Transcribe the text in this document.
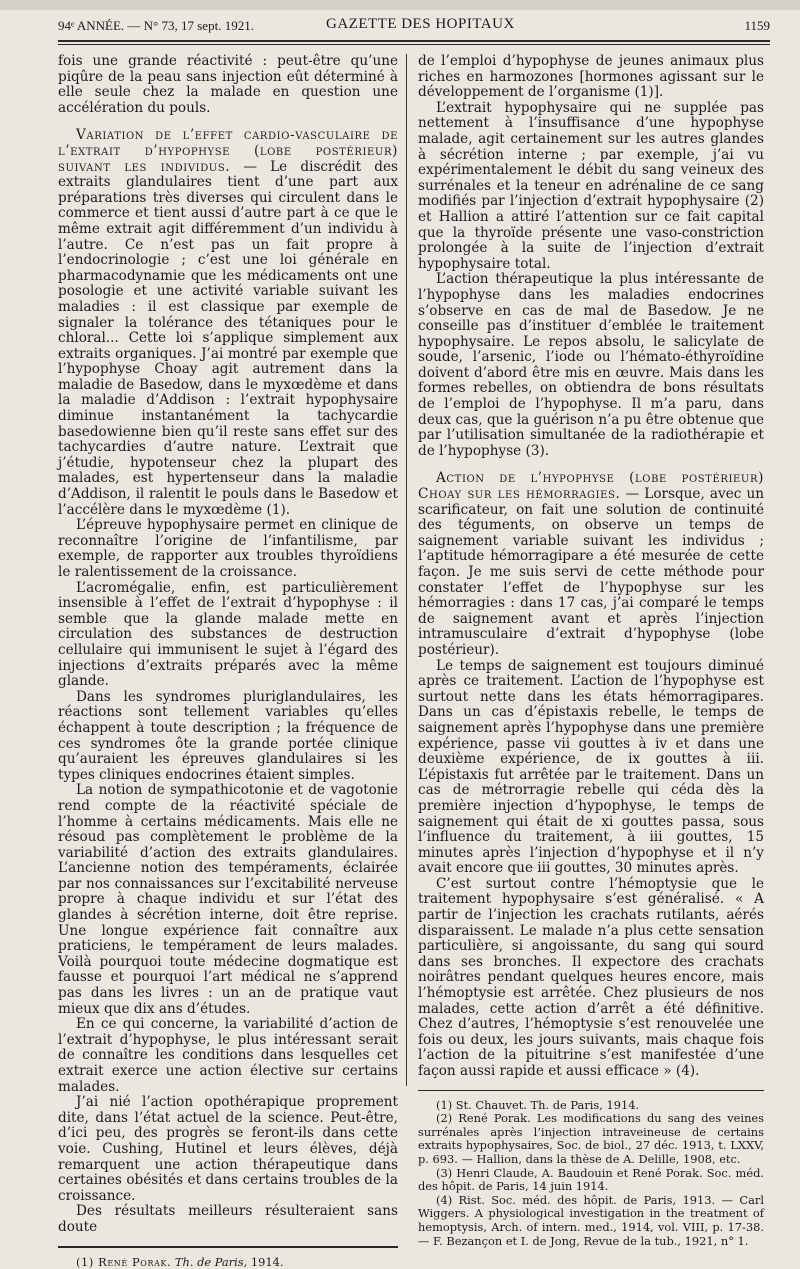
94ᵉ ANNÉE. — N° 73, 17 sept. 1921.	GAZETTE DES HOPITAUX	1159

fois une grande réactivité : peut-être qu’une piqûre de la peau sans injection eût déterminé à elle seule chez la malade en question une accélération du pouls.

Variation de l’effet cardio-vasculaire de l’extrait d’hypophyse (lobe postérieur) suivant les individus. — Le discrédit des extraits glandulaires tient d’une part aux préparations très diverses qui circulent dans le commerce et tient aussi d’autre part à ce que le même extrait agit différemment d’un individu à l’autre. Ce n’est pas un fait propre à l’endocrinologie ; c’est une loi générale en pharmacodynamie que les médicaments ont une posologie et une activité variable suivant les maladies : il est classique par exemple de signaler la tolérance des tétaniques pour le chloral... Cette loi s’applique simplement aux extraits organiques. J’ai montré par exemple que l’hypophyse Choay agit autrement dans la maladie de Basedow, dans le myxœdème et dans la maladie d’Addison : l’extrait hypophysaire diminue instantanément la tachycardie basedowienne bien qu’il reste sans effet sur des tachycardies d’autre nature. L’extrait que j’étudie, hypotenseur chez la plupart des malades, est hypertenseur dans la maladie d’Addison, il ralentit le pouls dans le Basedow et l’accélère dans le myxœdème (1).

L’épreuve hypophysaire permet en clinique de reconnaître l’origine de l’infantilisme, par exemple, de rapporter aux troubles thyroïdiens le ralentissement de la croissance.

L’acromégalie, enfin, est particulièrement insensible à l’effet de l’extrait d’hypophyse : il semble que la glande malade mette en circulation des substances de destruction cellulaire qui immunisent le sujet à l’égard des injections d’extraits préparés avec la même glande.

Dans les syndromes pluriglandulaires, les réactions sont tellement variables qu’elles échappent à toute description ; la fréquence de ces syndromes ôte la grande portée clinique qu’auraient les épreuves glandulaires si les types cliniques endocrines étaient simples.

La notion de sympathicotonie et de vagotonie rend compte de la réactivité spéciale de l’homme à certains médicaments. Mais elle ne résoud pas complètement le problème de la variabilité d’action des extraits glandulaires. L’ancienne notion des tempéraments, éclairée par nos connaissances sur l’excitabilité nerveuse propre à chaque individu et sur l’état des glandes à sécrétion interne, doit être reprise. Une longue expérience fait connaître aux praticiens, le tempérament de leurs malades. Voilà pourquoi toute médecine dogmatique est fausse et pourquoi l’art médical ne s’apprend pas dans les livres : un an de pratique vaut mieux que dix ans d’études.

En ce qui concerne, la variabilité d’action de l’extrait d’hypophyse, le plus intéressant serait de connaître les conditions dans lesquelles cet extrait exerce une action élective sur certains malades.

J’ai nié l’action opothérapique proprement dite, dans l’état actuel de la science. Peut-être, d’ici peu, des progrès se feront-ils dans cette voie. Cushing, Hutinel et leurs élèves, déjà remarquent une action thérapeutique dans certaines obésités et dans certains troubles de la croissance.

Des résultats meilleurs résulteraient sans doute

(1) René Porak. Th. de Paris, 1914.

de l’emploi d’hypophyse de jeunes animaux plus riches en harmozones [hormones agissant sur le développement de l’organisme (1)].

L’extrait hypophysaire qui ne supplée pas nettement à l’insuffisance d’une hypophyse malade, agit certainement sur les autres glandes à sécrétion interne ; par exemple, j’ai vu expérimentalement le débit du sang veineux des surrénales et la teneur en adrénaline de ce sang modifiés par l’injection d’extrait hypophysaire (2) et Hallion a attiré l’attention sur ce fait capital que la thyroïde présente une vaso-constriction prolongée à la suite de l’injection d’extrait hypophysaire total.

L’action thérapeutique la plus intéressante de l’hypophyse dans les maladies endocrines s’observe en cas de mal de Basedow. Je ne conseille pas d’instituer d’emblée le traitement hypophysaire. Le repos absolu, le salicylate de soude, l’arsenic, l’iode ou l’hémato-éthyroïdine doivent d’abord être mis en œuvre. Mais dans les formes rebelles, on obtiendra de bons résultats de l’emploi de l’hypophyse. Il m’a paru, dans deux cas, que la guérison n’a pu être obtenue que par l’utilisation simultanée de la radiothérapie et de l’hypophyse (3).

Action de l’hypophyse (lobe postérieur) Choay sur les hémorragies. — Lorsque, avec un scarificateur, on fait une solution de continuité des téguments, on observe un temps de saignement variable suivant les individus ; l’aptitude hémorragipare a été mesurée de cette façon. Je me suis servi de cette méthode pour constater l’effet de l’hypophyse sur les hémorragies : dans 17 cas, j’ai comparé le temps de saignement avant et après l’injection intramusculaire d’extrait d’hypophyse (lobe postérieur).

Le temps de saignement est toujours diminué après ce traitement. L’action de l’hypophyse est surtout nette dans les états hémorragipares. Dans un cas d’épistaxis rebelle, le temps de saignement après l’hypophyse dans une première expérience, passe vii gouttes à iv et dans une deuxième expérience, de ix gouttes à iii. L’épistaxis fut arrêtée par le traitement. Dans un cas de métrorragie rebelle qui céda dès la première injection d’hypophyse, le temps de saignement qui était de xi gouttes passa, sous l’influence du traitement, à iii gouttes, 15 minutes après l’injection d’hypophyse et il n’y avait encore que iii gouttes, 30 minutes après.

C’est surtout contre l’hémoptysie que le traitement hypophysaire s’est généralisé. « A partir de l’injection les crachats rutilants, aérés disparaissent. Le malade n’a plus cette sensation particulière, si angoissante, du sang qui sourd dans ses bronches. Il expectore des crachats noirâtres pendant quelques heures encore, mais l’hémoptysie est arrêtée. Chez plusieurs de nos malades, cette action d’arrêt a été définitive. Chez d’autres, l’hémoptysie s’est renouvelée une fois ou deux, les jours suivants, mais chaque fois l’action de la pituitrine s’est manifestée d’une façon aussi rapide et aussi efficace » (4).

(1) St. Chauvet. Th. de Paris, 1914.

(2) René Porak. Les modifications du sang des veines surrénales après l’injection intraveineuse de certains extraits hypophysaires, Soc. de biol., 27 déc. 1913, t. LXXV, p. 693. — Hallion, dans la thèse de A. Delille, 1908, etc.

(3) Henri Claude, A. Baudouin et René Porak. Soc. méd. des hôpit. de Paris, 14 juin 1914.

(4) Rist. Soc. méd. des hôpit. de Paris, 1913. — Carl Wiggers. A physiological investigation in the treatment of hemoptysis, Arch. of intern. med., 1914, vol. VIII, p. 17-38. — F. Bezançon et I. de Jong, Revue de la tub., 1921, n° 1.
